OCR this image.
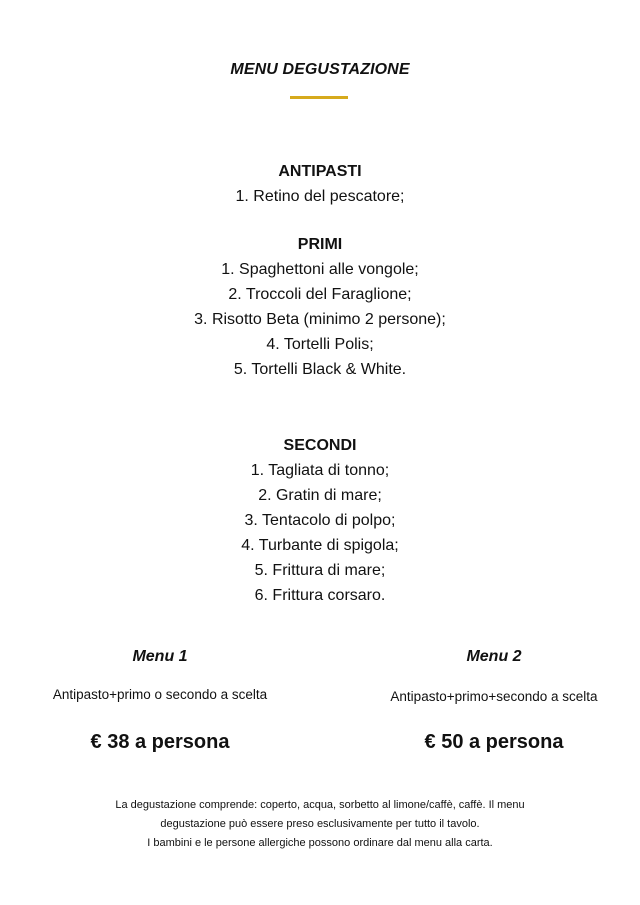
MENU DEGUSTAZIONE
ANTIPASTI
1. Retino del pescatore;
PRIMI
1. Spaghettoni alle vongole;
2. Troccoli del Faraglione;
3. Risotto Beta (minimo 2 persone);
4. Tortelli Polis;
5. Tortelli Black & White.
SECONDI
1. Tagliata di tonno;
2. Gratin di mare;
3. Tentacolo di polpo;
4. Turbante di spigola;
5. Frittura di mare;
6. Frittura corsaro.
Menu 1
Antipasto+primo o secondo a scelta
€ 38 a persona
Menu 2
Antipasto+primo+secondo a scelta
€ 50 a persona
La degustazione comprende: coperto, acqua, sorbetto al limone/caffè, caffè. Il menu
degustazione può essere preso esclusivamente per tutto il tavolo.
I bambini e le persone allergiche possono ordinare dal menu alla carta.
